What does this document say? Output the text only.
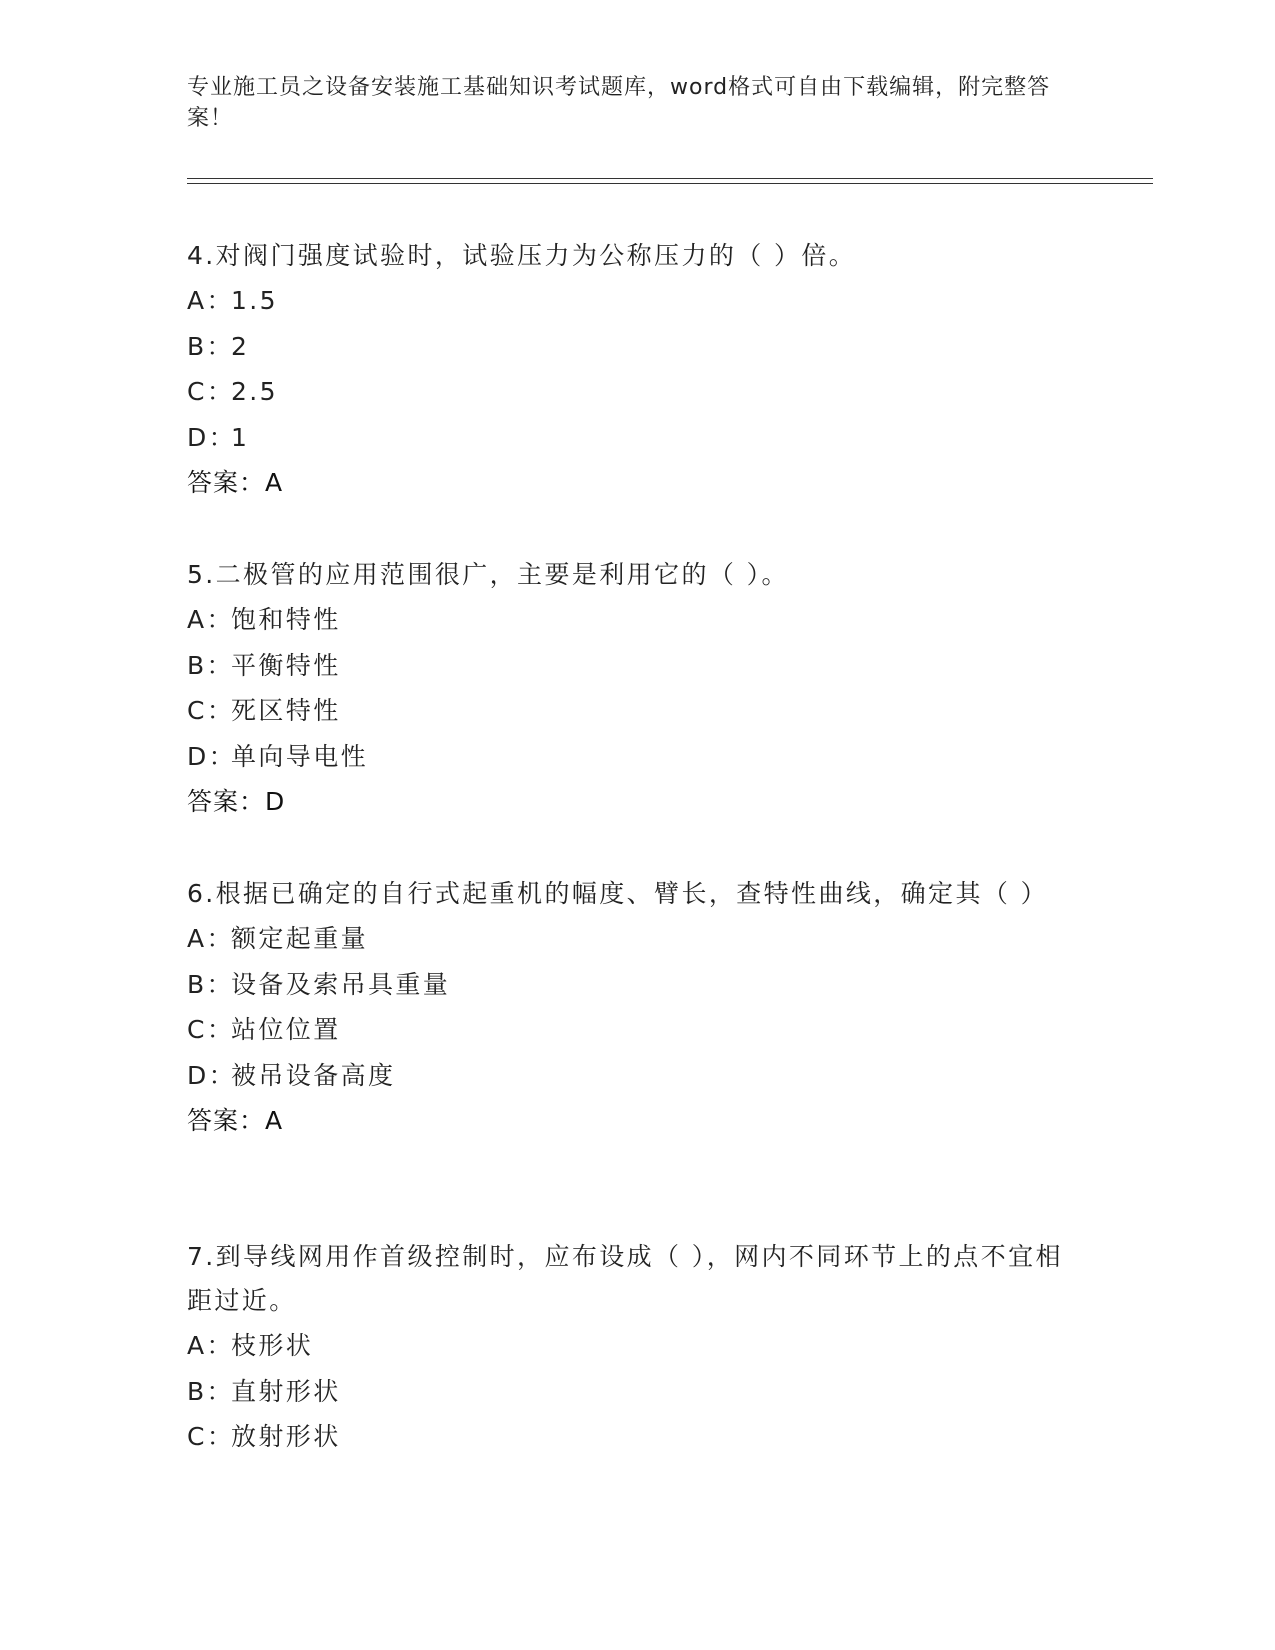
专业施工员之设备安装施工基础知识考试题库，word格式可自由下载编辑，附完整答案！
4.对阀门强度试验时，试验压力为公称压力的（ ）倍。
A：1.5
B：2
C：2.5
D：1
答案：A
5.二极管的应用范围很广，主要是利用它的（ ）。
A：饱和特性
B：平衡特性
C：死区特性
D：单向导电性
答案：D
6.根据已确定的自行式起重机的幅度、臂长，查特性曲线，确定其（ ）
A：额定起重量
B：设备及索吊具重量
C：站位位置
D：被吊设备高度
答案：A
7.到导线网用作首级控制时，应布设成（ ），网内不同环节上的点不宜相距过近。
A：枝形状
B：直射形状
C：放射形状
